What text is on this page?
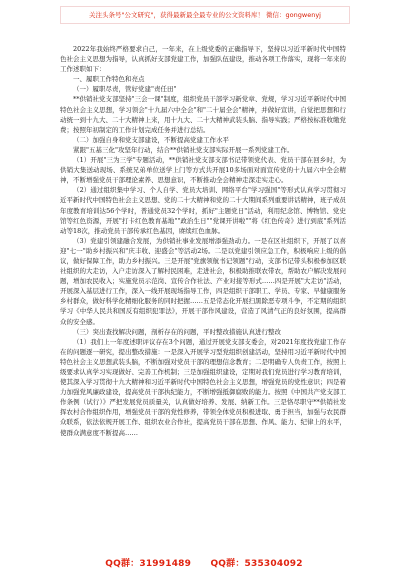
关注头条号"公文研究"，获得最新最全最专业的公文资料库！ 微信：gongwenyj

2022年我始终严格要求自己，一年来，在上级党委的正确指导下，坚持以习近平新时代中国特色社会主义思想为指导，认真抓好支部党建工作，加强队伍建设，推动各项工作落实，现将一年来的工作述职如下：

一、履职工作特色和亮点

（一）履职尽责，管好党建"责任田"

**供销社党支部坚持"三会一课"制度，组织党员干部学习新党章、党规，学习习近平新时代中国特色社会主义思想，学习领会"十九届六中全会"和"二十届全会"精神，并做好宣讲，自觉把思想和行动统一到十九大、二十大精神上来，用十九大、二十大精神武装头脑、指导实践；严格按标准收缴党费；按照年初制定的工作计划完成任务并进行总结。

（二）加强自身和党支部建设，不断提高党建工作水平

紧跟"五基三化"攻坚年行动，结合**供销社党支部实际开展一系列党建工作。

（1）开展"三为三学"专题活动，**供销社党支部支部书记带领党代表、党员干部在回乡时，为供销大集送动现场、系统兄弟单位送学上门等方式共开展10多场面对面宣传党的十九届六中全会精神，不断增强党员干部理论素养、思想意识，不断推动全会精神走深走实走心。

（2）通过组织集中学习、个人自学、党员大培训、网络平台"学习强国"等形式认真学习贯彻习近平新时代中国特色社会主义思想、党的二十大精神和党的二十大期间系列重要讲话精神，班子成员年度教育培训达56个学时，普通党员32个学时，抓好"主题党日"活动，利用纪念馆、博物馆、党史馆等红色资源，开展"打卡红色教育基地""政治生日""党课开讲啦""将《红色传奇》进行到底"系列活动等18次，推动党员干部传承红色基因，赓续红色血脉。

（3）党建引领建融合发展，为供销社事业发展增添强劲动力。一是在区社组织下，开展了以喜迎"七一"助乡村振兴和"庆丰收、迎盛会"等活动2场。二是以党建引领应急工作，积极响应上级的倡议，做好保障工作，助力乡村振兴。三是开展"党旗领航书记领题"行动，支部书记带头积极参加区联社组织的大走访，入户走访深入了解村民困难，走进社会，积极助推联农带农，帮助农户解决发展问题，增加农民收入；实施党员示范岗、宣传合作社法、产业对接等形式……四是开展"大走访"活动，开展深入基层进行工作，深入一线开展现场指导工作，四是组织干部职工、学员、专家、早健康服务乡村群众，做好科学化精细化服务的同时把握……五是常态化开展扫黑除恶专项斗争，不定期的组织学习《中华人民共和国反有组织犯罪法》，开展干部作风建设，营造了风清气正的良好氛围，提高群众的安全感。

（三）突出查找解决问题，剖析存在的问题，平时整改措施认真进行整改

（1）我们上一年度述职评议存在3个问题，通过开展党支部支委会，对2021年度找党建工作存在的问题逐一研究，提出整改措施：一是深入开展学习型党组织创建活动，坚持用习近平新时代中国特色社会主义思想武装头脑，不断加强对党员干部的理想信念教育；二是明确专人负责工作，按照上级要求认真学习实现做好、完善工作机制；三是加强组织建设，定期对我们党员进行学习教育培训，使其深入学习贯彻十九大精神和习近平新时代中国特色社会主义思想，增强党员的党性意识；四是着力加强党风廉政建设，提高党员干部执纪能力，不断增强抵御腐败的能力。按照《中国共产党支部工作条例（试行）》严把发展党员质量关，认真做好培养、发展、纳新工作。三是恪尽职守**供销社发挥农村合作组织作用，增强党员干部的党性修养，带领全体党员积极进取、勇于担当，加强与农民群众联系，依法依规开展工作、组织农业合作社，提高党员干部在思想、作风、能力、纪律上的水平，使群众满意度不断提高……

QQ群：31991489 QQ群：535304092
